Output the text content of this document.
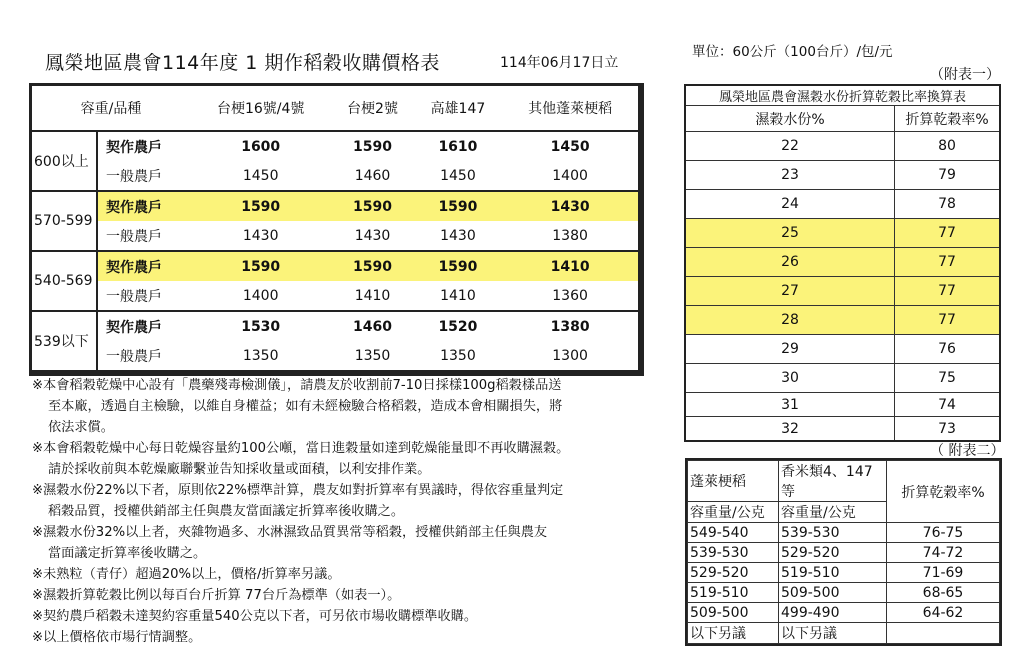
鳳榮地區農會114年度 1 期作稻穀收購價格表	114年06月17日立
單位：60公斤（100台斤）/包/元
（附表一）
容重/品種		台梗16號/4號	台梗2號	高雄147	其他蓬萊梗稻
600以上	契作農戶	1600	1590	1610	1450
	一般農戶	1450	1460	1450	1400
570-599	契作農戶	1590	1590	1590	1430
	一般農戶	1430	1430	1430	1380
540-569	契作農戶	1590	1590	1590	1410
	一般農戶	1400	1410	1410	1360
539以下	契作農戶	1530	1460	1520	1380
	一般農戶	1350	1350	1350	1300

※本會稻穀乾燥中心設有「農藥殘毒檢測儀」，請農友於收割前7-10日採樣100g稻穀樣品送

至本廠，透過自主檢驗，以維自身權益；如有未經檢驗合格稻穀，造成本會相關損失，將

依法求償。

※本會稻穀乾燥中心每日乾燥容量約100公噸，當日進穀量如達到乾燥能量即不再收購濕穀。

請於採收前與本乾燥廠聯繫並告知採收量或面積，以利安排作業。

※濕穀水份22%以下者，原則依22%標準計算，農友如對折算率有異議時，得依容重量判定

稻穀品質，授權供銷部主任與農友當面議定折算率後收購之。

※濕穀水份32%以上者，夾雜物過多、水淋濕致品質異常等稻穀，授權供銷部主任與農友

當面議定折算率後收購之。

※未熟粒（青仔）超過20%以上，價格/折算率另議。

※濕穀折算乾穀比例以每百台斤折算 77台斤為標準（如表一）。

※契約農戶稻穀未達契約容重量540公克以下者，可另依市場收購標準收購。

※以上價格依市場行情調整。

鳳榮地區農會濕穀水份折算乾穀比率換算表	
濕穀水份%	折算乾穀率%
22	80
23	79
24	78
25	77
26	77
27	77
28	77
29	76
30	75
31	74
32	73
（ 附表二）
蓬萊梗稻	香米類4、147等	折算乾穀率%
容重量/公克	容重量/公克	
549-540	539-530	76-75
539-530	529-520	74-72
529-520	519-510	71-69
519-510	509-500	68-65
509-500	499-490	64-62
以下另議	以下另議	
